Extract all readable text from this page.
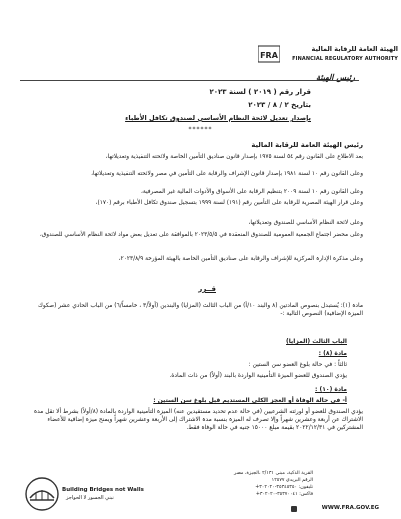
FRA
الهيئة العامة للرقابة المالية
FINANCIAL REGULATORY AUTHORITY
رئيس الهيئة
قرار رقم ( ٢٠١٩ ) لسنة ٢٠٢٣
بتاريخ ٢ / ٨ / ٢٠٢٣
بإصدار تعديل لائحة النظام الأساسي لصندوق تكافل الأطباء
******
رئيس الهيئة العامة للرقابة المالية
بعد الاطلاع على القانون رقم ٥٤ لسنة ١٩٧٥ بإصدار قانون صناديق التأمين الخاصة ولائحته التنفيذية وتعديلاتها،
وعلى القانون رقم ١٠ لسنة ١٩٨١ بإصدار قانون الإشراف والرقابة على التأمين في مصر ولائحته التنفيذية وتعديلاتها،
وعلى القانون رقم ١٠ لسنة ٢٠٠٩ بتنظيم الرقابة على الأسواق والأدوات المالية غير المصرفية،
وعلى قرار الهيئة المصرية للرقابة على التأمين رقم (١٩١) لسنة ١٩٩٩ بتسجيل صندوق تكافل الأطباء برقم (١٧٠)،
وعلى لائحة النظام الأساسي للصندوق وتعديلاتها،
وعلى محضر اجتماع الجمعية العمومية للصندوق المنعقدة في ٢٠٢٣/٥/٥ بالموافقة على تعديل بعض مواد لائحة النظام الأساسي للصندوق،
وعلى مذكرة الإدارة المركزية للإشراف والرقابة على صناديق التأمين الخاصة بالهيئة المؤرخة ٢٠٢٣/٨/٩،
قــرر
مادة (١): يُستبدل بنصوص المادتين (٨ والبند ١٠/أ) من الباب الثالث (المزايا) والبندين (أولاً/٣ ، خامساً/٦) من الباب الحادي عشر (صكوك الميزة الإضافية) النصوص التالية :-
الباب الثالث (المزايا)
مادة (٨) :
ثالثاً : في حالة بلوغ العضو سن الستين :
يؤدي الصندوق للعضو الميزة التأمينية الواردة بالبند (أولاً) من ذات المادة.
مادة (١٠) :
أ- في حالة الوفاة أو العجز الكلي المستديم قبل بلوغ سن الستين :
يؤدي الصندوق للعضو أو لورثته الشرعيين (في حالة عدم تحديد مستفيدين عنه) الميزة التأمينية الواردة بالمادة (٨/أولاً) بشرط ألا تقل مدة الاشتراك عن أربعة وعشرين شهراً وإلا تصرف له الميزة بنسبة مدة الاشتراك إلى الأربعة وعشرين شهراً ويمنح ميزة إضافية للأعضاء المشتركين في ٢٠٢٢/١٢/٣١ بقيمة مبلغ ١٥٠٠٠ جنيه في حالة الوفاة فقط.
Building Bridges not Walls
نبني الجسور لا الحواجز
القرية الذكية، مبنى ٢/١٣١ ،الجيزة، مصر
الرقم البريدي ١٢٥٧٧
تليفون: ٣٥٣٤٥٣٥٠-٣٠٢٠٢٠+
فاكس: ٣٥٣٧٠٠٤١-٣٠٢٠٢٠+
WWW.FRA.GOV.EG
